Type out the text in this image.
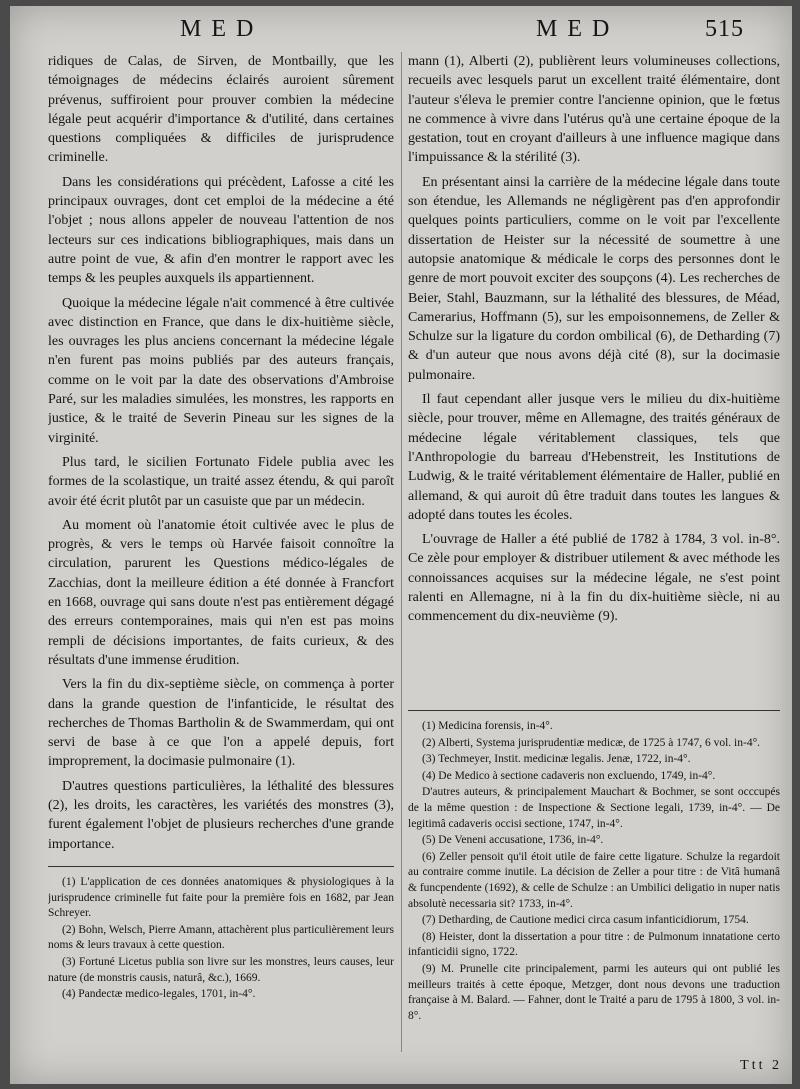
MED	MED	515

ridiques de Calas, de Sirven, de Montbailly, que les témoignages de médecins éclairés auroient sûrement prévenus, suffiroient pour prouver combien la médecine légale peut acquérir d'importance & d'utilité, dans certaines questions compliquées & difficiles de jurisprudence criminelle.

Dans les considérations qui précèdent, Lafosse a cité les principaux ouvrages, dont cet emploi de la médecine a été l'objet ; nous allons appeler de nouveau l'attention de nos lecteurs sur ces indications bibliographiques, mais dans un autre point de vue, & afin d'en montrer le rapport avec les temps & les peuples auxquels ils appartiennent.

Quoique la médecine légale n'ait commencé à être cultivée avec distinction en France, que dans le dix-huitième siècle, les ouvrages les plus anciens concernant la médecine légale n'en furent pas moins publiés par des auteurs français, comme on le voit par la date des observations d'Ambroise Paré, sur les maladies simulées, les monstres, les rapports en justice, & le traité de Severin Pineau sur les signes de la virginité.

Plus tard, le sicilien Fortunato Fidele publia avec les formes de la scolastique, un traité assez étendu, & qui paroît avoir été écrit plutôt par un casuiste que par un médecin.

Au moment où l'anatomie étoit cultivée avec le plus de progrès, & vers le temps où Harvée faisoit connoître la circulation, parurent les Questions médico-légales de Zacchias, dont la meilleure édition a été donnée à Francfort en 1668, ouvrage qui sans doute n'est pas entièrement dégagé des erreurs contemporaines, mais qui n'en est pas moins rempli de décisions importantes, de faits curieux, & des résultats d'une immense érudition.

Vers la fin du dix-septième siècle, on commença à porter dans la grande question de l'infanticide, le résultat des recherches de Thomas Bartholin & de Swammerdam, qui ont servi de base à ce que l'on a appelé depuis, fort improprement, la docimasie pulmonaire (1).

D'autres questions particulières, la léthalité des blessures (2), les droits, les caractères, les variétés des monstres (3), furent également l'objet de plusieurs recherches d'une grande importance.

(1) L'application de ces données anatomiques & physiologiques à la jurisprudence criminelle fut faite pour la première fois en 1682, par Jean Schreyer.

(2) Bohn, Welsch, Pierre Amann, attachèrent plus particulièrement leurs noms & leurs travaux à cette question.

(3) Fortuné Licetus publia son livre sur les monstres, leurs causes, leur nature (de monstris causis, naturâ, &c.), 1669.

(4) Pandectæ medico-legales, 1701, in-4°.

mann (1), Alberti (2), publièrent leurs volumineuses collections, recueils avec lesquels parut un excellent traité élémentaire, dont l'auteur s'éleva le premier contre l'ancienne opinion, que le fœtus ne commence à vivre dans l'utérus qu'à une certaine époque de la gestation, tout en croyant d'ailleurs à une influence magique dans l'impuissance & la stérilité (3).

En présentant ainsi la carrière de la médecine légale dans toute son étendue, les Allemands ne négligèrent pas d'en approfondir quelques points particuliers, comme on le voit par l'excellente dissertation de Heister sur la nécessité de soumettre à une autopsie anatomique & médicale le corps des personnes dont le genre de mort pouvoit exciter des soupçons (4). Les recherches de Beier, Stahl, Bauzmann, sur la léthalité des blessures, de Méad, Camerarius, Hoffmann (5), sur les empoisonnemens, de Zeller & Schulze sur la ligature du cordon ombilical (6), de Detharding (7) & d'un auteur que nous avons déjà cité (8), sur la docimasie pulmonaire.

Il faut cependant aller jusque vers le milieu du dix-huitième siècle, pour trouver, même en Allemagne, des traités généraux de médecine légale véritablement classiques, tels que l'Anthropologie du barreau d'Hebenstreit, les Institutions de Ludwig, & le traité véritablement élémentaire de Haller, publié en allemand, & qui auroit dû être traduit dans toutes les langues & adopté dans toutes les écoles.

L'ouvrage de Haller a été publié de 1782 à 1784, 3 vol. in-8°. Ce zèle pour employer & distribuer utilement & avec méthode les connoissances acquises sur la médecine légale, ne s'est point ralenti en Allemagne, ni à la fin du dix-huitième siècle, ni au commencement du dix-neuvième (9).

(1) Medicina forensis, in-4°.

(2) Alberti, Systema jurisprudentiæ medicæ, de 1725 à 1747, 6 vol. in-4°.

(3) Techmeyer, Instit. medicinæ legalis. Jenæ, 1722, in-4°.

(4) De Medico à sectione cadaveris non excluendo, 1749, in-4°.

D'autres auteurs, & principalement Mauchart & Bochmer, se sont occcupés de la même question : de Inspectione & Sectione legali, 1739, in-4°. — De legitimâ cadaveris occisi sectione, 1747, in-4°.

(5) De Veneni accusatione, 1736, in-4°.

(6) Zeller pensoit qu'il étoit utile de faire cette ligature. Schulze la regardoit au contraire comme inutile. La décision de Zeller a pour titre : de Vitâ humanâ & funcpendente (1692), & celle de Schulze : an Umbilici deligatio in nuper natis absolutè necessaria sit? 1733, in-4°.

(7) Detharding, de Cautione medici circa casum infanticidiorum, 1754.

(8) Heister, dont la dissertation a pour titre : de Pulmonum innatatione certo infanticidii signo, 1722.

(9) M. Prunelle cite principalement, parmi les auteurs qui ont publié les meilleurs traités à cette époque, Metzger, dont nous devons une traduction française à M. Balard. — Fahner, dont le Traité a paru de 1795 à 1800, 3 vol. in-8°.

Ttt 2
